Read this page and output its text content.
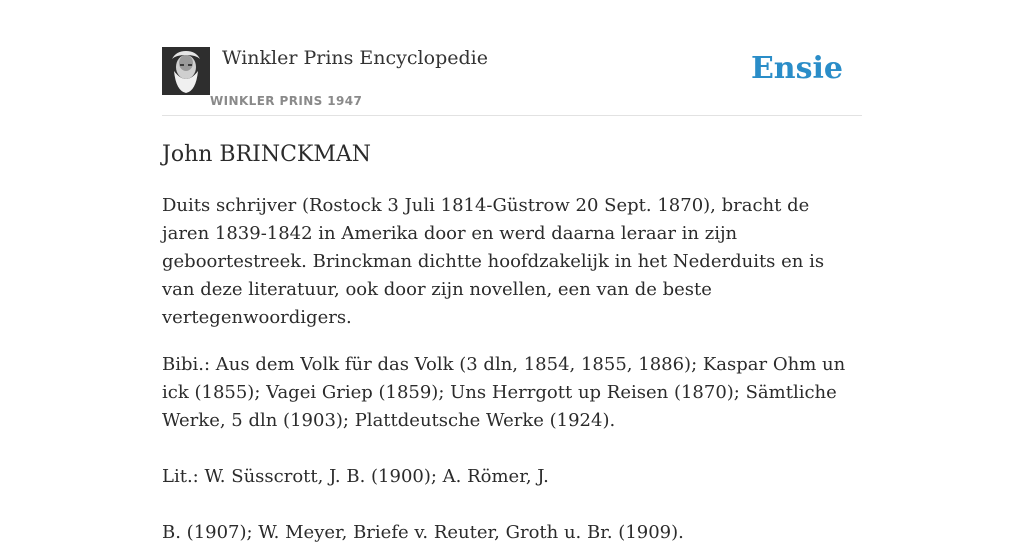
Winkler Prins Encyclopedie
WINKLER PRINS 1947
Ensie
John BRINCKMAN

Duits schrijver (Rostock 3 Juli 1814-Güstrow 20 Sept. 1870), bracht de jaren 1839-1842 in Amerika door en werd daarna leraar in zijn geboortestreek. Brinckman dichtte hoofdzakelijk in het Nederduits en is van deze literatuur, ook door zijn novellen, een van de beste vertegenwoordigers.

Bibi.: Aus dem Volk für das Volk (3 dln, 1854, 1855, 1886); Kaspar Ohm un ick (1855); Vagei Griep (1859); Uns Herrgott up Reisen (1870); Sämtliche Werke, 5 dln (1903); Plattdeutsche Werke (1924).

Lit.: W. Süsscrott, J. B. (1900); A. Römer, J.

B. (1907); W. Meyer, Briefe v. Reuter, Groth u. Br. (1909).
